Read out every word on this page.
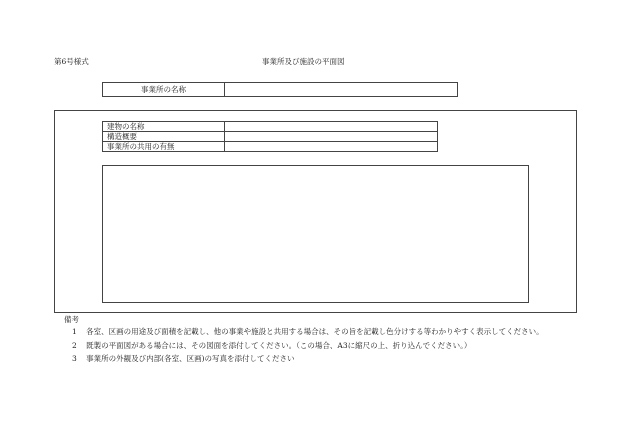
第6号様式	事業所及び施設の平面図
事業所の名称	
建物の名称	
構造概要	
事業所の共用の有無	
備考
1 各室、区画の用途及び面積を記載し、他の事業や施設と共用する場合は、その旨を記載し色分けする等わかりやすく表示してください。
2 既製の平面図がある場合には、その図面を添付してください。（この場合、A3に縮尺の上、折り込んでください。）
3 事業所の外観及び内部(各室、区画)の写真を添付してください
